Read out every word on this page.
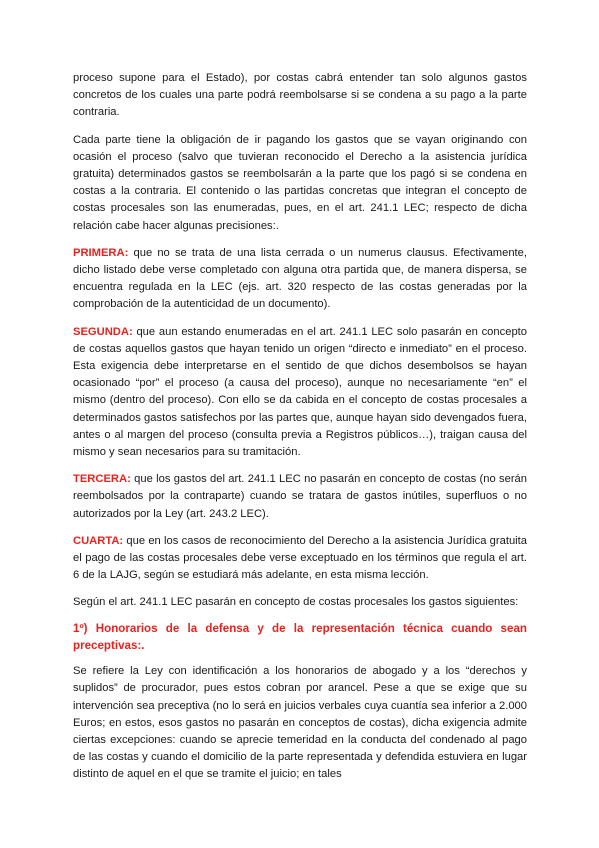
proceso supone para el Estado), por costas cabrá entender tan solo algunos gastos concretos de los cuales una parte podrá reembolsarse si se condena a su pago a la parte contraria.

Cada parte tiene la obligación de ir pagando los gastos que se vayan originando con ocasión el proceso (salvo que tuvieran reconocido el Derecho a la asistencia jurídica gratuita) determinados gastos se reembolsarán a la parte que los pagó si se condena en costas a la contraria. El contenido o las partidas concretas que integran el concepto de costas procesales son las enumeradas, pues, en el art. 241.1 LEC; respecto de dicha relación cabe hacer algunas precisiones:.

PRIMERA: que no se trata de una lista cerrada o un numerus clausus. Efectivamente, dicho listado debe verse completado con alguna otra partida que, de manera dispersa, se encuentra regulada en la LEC (ejs. art. 320 respecto de las costas generadas por la comprobación de la autenticidad de un documento).

SEGUNDA: que aun estando enumeradas en el art. 241.1 LEC solo pasarán en concepto de costas aquellos gastos que hayan tenido un origen “directo e inmediato” en el proceso. Esta exigencia debe interpretarse en el sentido de que dichos desembolsos se hayan ocasionado “por” el proceso (a causa del proceso), aunque no necesariamente “en” el mismo (dentro del proceso). Con ello se da cabida en el concepto de costas procesales a determinados gastos satisfechos por las partes que, aunque hayan sido devengados fuera, antes o al margen del proceso (consulta previa a Registros públicos…), traigan causa del mismo y sean necesarios para su tramitación.

TERCERA: que los gastos del art. 241.1 LEC no pasarán en concepto de costas (no serán reembolsados por la contraparte) cuando se tratara de gastos inútiles, superfluos o no autorizados por la Ley (art. 243.2 LEC).

CUARTA: que en los casos de reconocimiento del Derecho a la asistencia Jurídica gratuita el pago de las costas procesales debe verse exceptuado en los términos que regula el art. 6 de la LAJG, según se estudiará más adelante, en esta misma lección.

Según el art. 241.1 LEC pasarán en concepto de costas procesales los gastos siguientes:

1º) Honorarios de la defensa y de la representación técnica cuando sean preceptivas:.

Se refiere la Ley con identificación a los honorarios de abogado y a los “derechos y suplidos” de procurador, pues estos cobran por arancel. Pese a que se exige que su intervención sea preceptiva (no lo será en juicios verbales cuya cuantía sea inferior a 2.000 Euros; en estos, esos gastos no pasarán en conceptos de costas), dicha exigencia admite ciertas excepciones: cuando se aprecie temeridad en la conducta del condenado al pago de las costas y cuando el domicilio de la parte representada y defendida estuviera en lugar distinto de aquel en el que se tramite el juicio; en tales
